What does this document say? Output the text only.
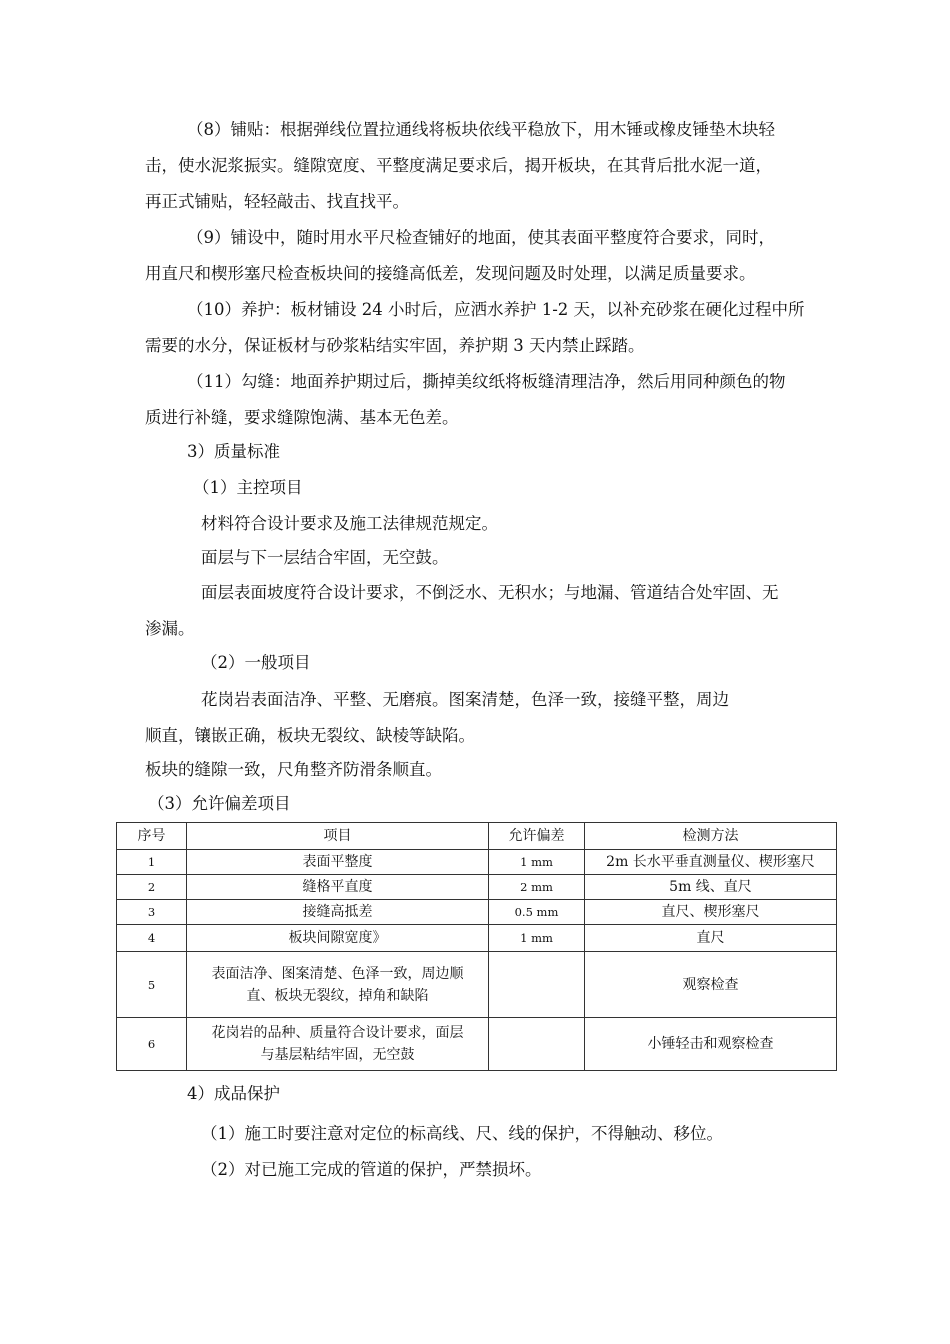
（8）铺贴：根据弹线位置拉通线将板块依线平稳放下，用木锤或橡皮锤垫木块轻
击，使水泥浆振实。缝隙宽度、平整度满足要求后，揭开板块，在其背后批水泥一道，
再正式铺贴，轻轻敲击、找直找平。
（9）铺设中，随时用水平尺检查铺好的地面，使其表面平整度符合要求，同时，
用直尺和楔形塞尺检查板块间的接缝高低差，发现问题及时处理，以满足质量要求。
（10）养护：板材铺设 24 小时后，应洒水养护 1-2 天，以补充砂浆在硬化过程中所
需要的水分，保证板材与砂浆粘结实牢固，养护期 3 天内禁止踩踏。
（11）勾缝：地面养护期过后，撕掉美纹纸将板缝清理洁净，然后用同种颜色的物
质进行补缝，要求缝隙饱满、基本无色差。
3）质量标准
（1）主控项目
材料符合设计要求及施工法律规范规定。
面层与下一层结合牢固，无空鼓。
面层表面坡度符合设计要求，不倒泛水、无积水；与地漏、管道结合处牢固、无
渗漏。
（2）一般项目
花岗岩表面洁净、平整、无磨痕。图案清楚，色泽一致，接缝平整，周边
顺直，镶嵌正确，板块无裂纹、缺棱等缺陷。
板块的缝隙一致，尺角整齐防滑条顺直。
（3）允许偏差项目
序号	项目	允许偏差	检测方法
1	表面平整度	1 mm	2m 长水平垂直测量仪、楔形塞尺
2	缝格平直度	2 mm	5m 线、直尺
3	接缝高抵差	0.5 mm	直尺、楔形塞尺
4	板块间隙宽度》	1 mm	直尺
5	表面洁净、图案清楚、色泽一致，周边顺
直、板块无裂纹，掉角和缺陷		观察检查
6	花岗岩的品种、质量符合设计要求，面层
与基层粘结牢固，无空鼓		小锤轻击和观察检查
4）成品保护
（1）施工时要注意对定位的标高线、尺、线的保护，不得触动、移位。
（2）对已施工完成的管道的保护，严禁损坏。
